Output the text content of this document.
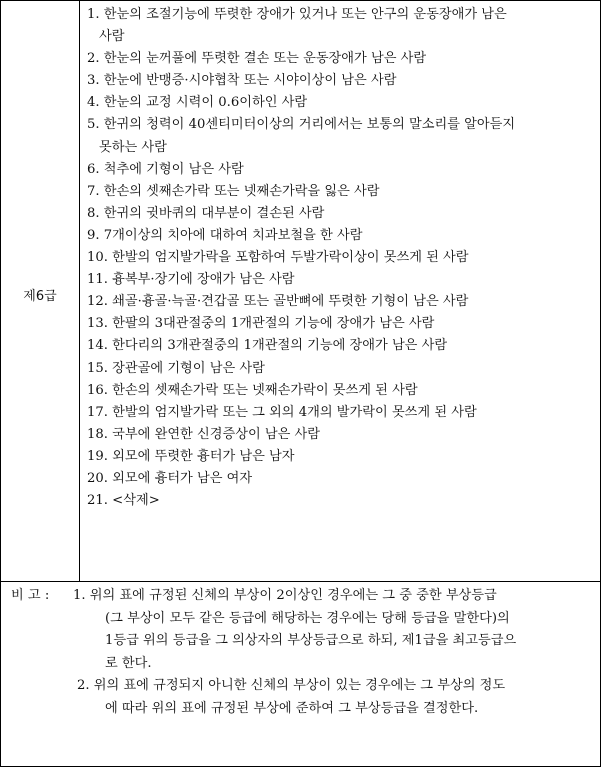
제6급
1. 한눈의 조절기능에 뚜렷한 장애가 있거나 또는 안구의 운동장애가 남은
사람
2. 한눈의 눈꺼풀에 뚜렷한 결손 또는 운동장애가 남은 사람
3. 한눈에 반맹증·시야협착 또는 시야이상이 남은 사람
4. 한눈의 교정 시력이 0.6이하인 사람
5. 한귀의 청력이 40센티미터이상의 거리에서는 보통의 말소리를 알아듣지
못하는 사람
6. 척추에 기형이 남은 사람
7. 한손의 셋째손가락 또는 넷째손가락을 잃은 사람
8. 한귀의 귓바퀴의 대부분이 결손된 사람
9. 7개이상의 치아에 대하여 치과보철을 한 사람
10. 한발의 엄지발가락을 포함하여 두발가락이상이 못쓰게 된 사람
11. 흉복부·장기에 장애가 남은 사람
12. 쇄골·흉골·늑골·견갑골 또는 골반뼈에 뚜렷한 기형이 남은 사람
13. 한팔의 3대관절중의 1개관절의 기능에 장애가 남은 사람
14. 한다리의 3개관절중의 1개관절의 기능에 장애가 남은 사람
15. 장관골에 기형이 남은 사람
16. 한손의 셋째손가락 또는 넷째손가락이 못쓰게 된 사람
17. 한발의 엄지발가락 또는 그 외의 4개의 발가락이 못쓰게 된 사람
18. 국부에 완연한 신경증상이 남은 사람
19. 외모에 뚜렷한 흉터가 남은 남자
20. 외모에 흉터가 남은 여자
21. <삭제>
비 고 : 1. 위의 표에 규정된 신체의 부상이 2이상인 경우에는 그 중 중한 부상등급
(그 부상이 모두 같은 등급에 해당하는 경우에는 당해 등급을 말한다)의
1등급 위의 등급을 그 의상자의 부상등급으로 하되, 제1급을 최고등급으
로 한다.
2. 위의 표에 규정되지 아니한 신체의 부상이 있는 경우에는 그 부상의 정도
에 따라 위의 표에 규정된 부상에 준하여 그 부상등급을 결정한다.
